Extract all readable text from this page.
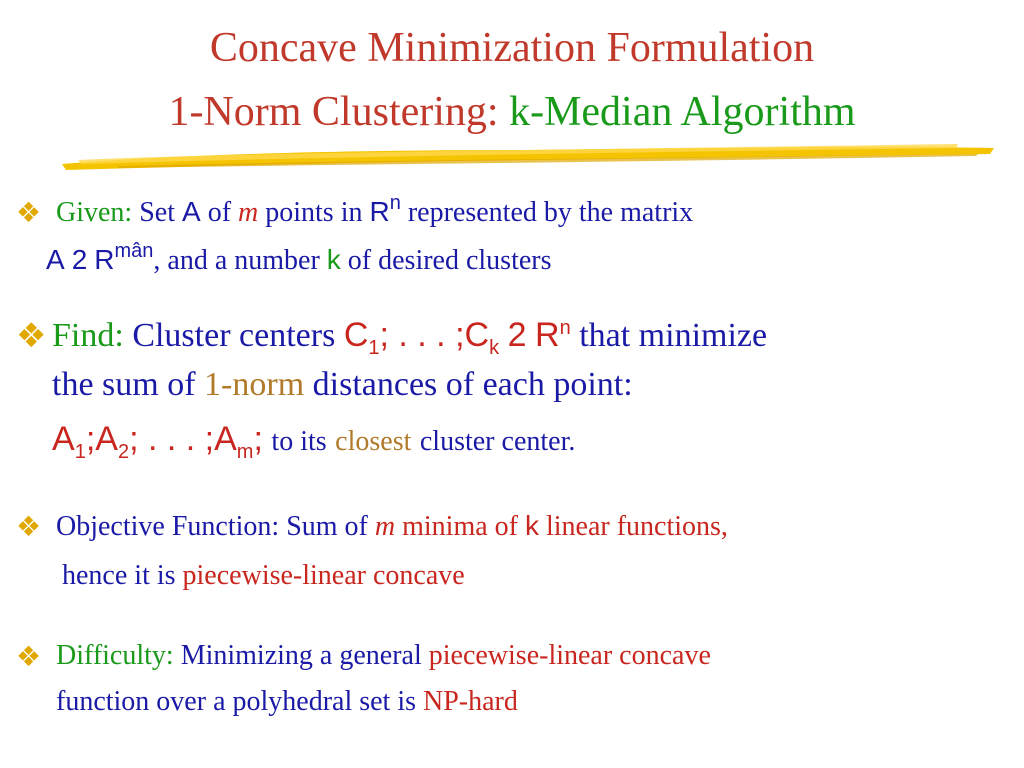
Concave Minimization Formulation
1-Norm Clustering: k-Median Algorithm
❖ Given: Set A of m points in $R^n$ represented by the matrix
A 2 $R^{mân}$, and a number k of desired clusters
❖ Find: Cluster centers $C_1$; . . . $;C_k$ 2 $R^n$ that minimize
the sum of 1-norm distances of each point:
$A_1;A_2$; . . . $;A_m$; to its closest cluster center.
❖ Objective Function: Sum of m minima of k linear functions,
hence it is piecewise-linear concave
❖ Difficulty: Minimizing a general piecewise-linear concave
function over a polyhedral set is NP-hard
